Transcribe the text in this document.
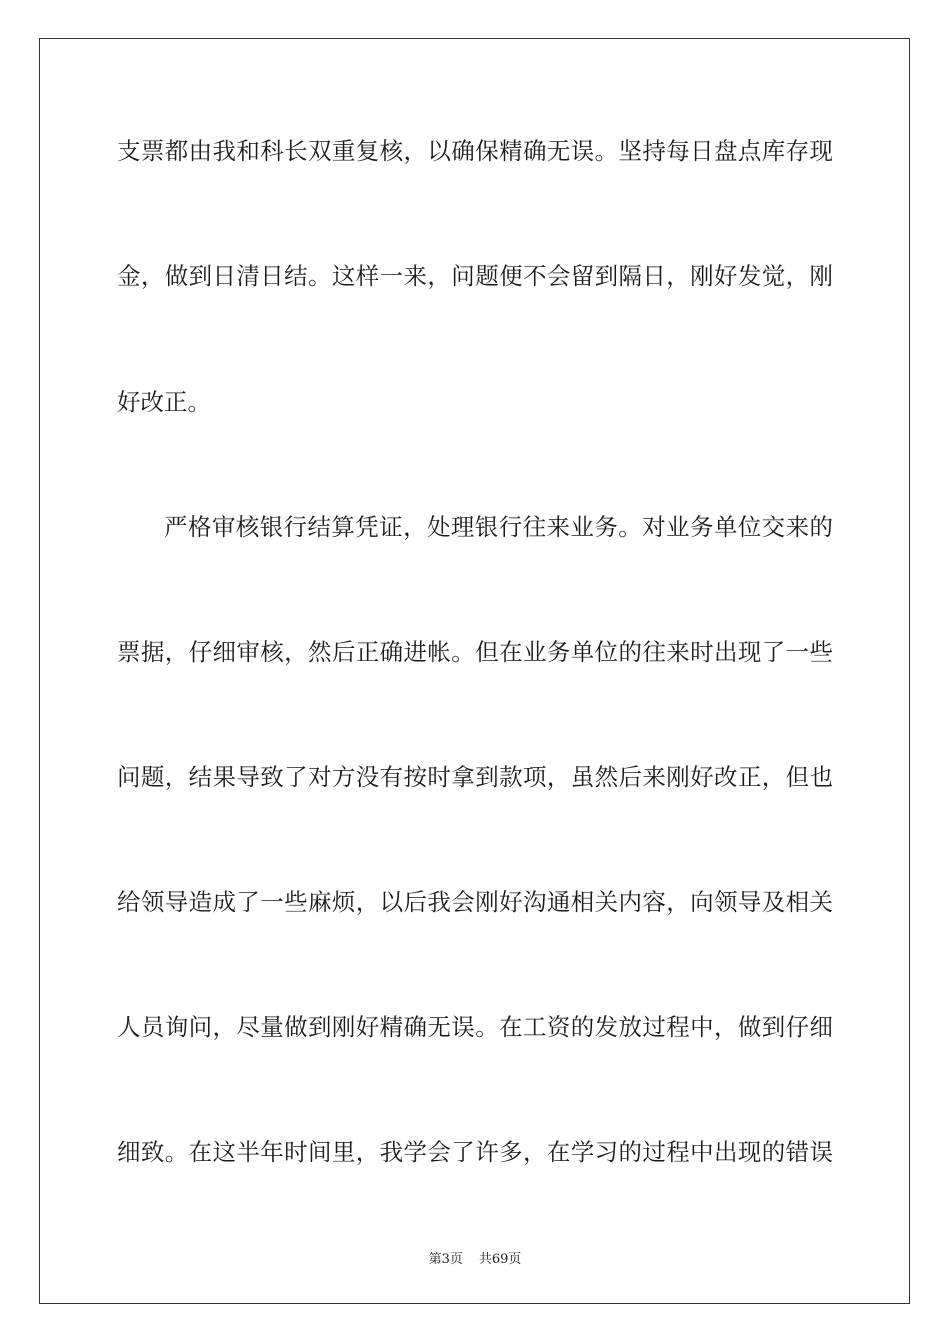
支票都由我和科长双重复核，以确保精确无误。坚持每日盘点库存现
金，做到日清日结。这样一来，问题便不会留到隔日，刚好发觉，刚
好改正。
严格审核银行结算凭证，处理银行往来业务。对业务单位交来的
票据，仔细审核，然后正确进帐。但在业务单位的往来时出现了一些
问题，结果导致了对方没有按时拿到款项，虽然后来刚好改正，但也
给领导造成了一些麻烦，以后我会刚好沟通相关内容，向领导及相关
人员询问，尽量做到刚好精确无误。在工资的发放过程中，做到仔细
细致。在这半年时间里，我学会了许多，在学习的过程中出现的错误
第3页 共69页
